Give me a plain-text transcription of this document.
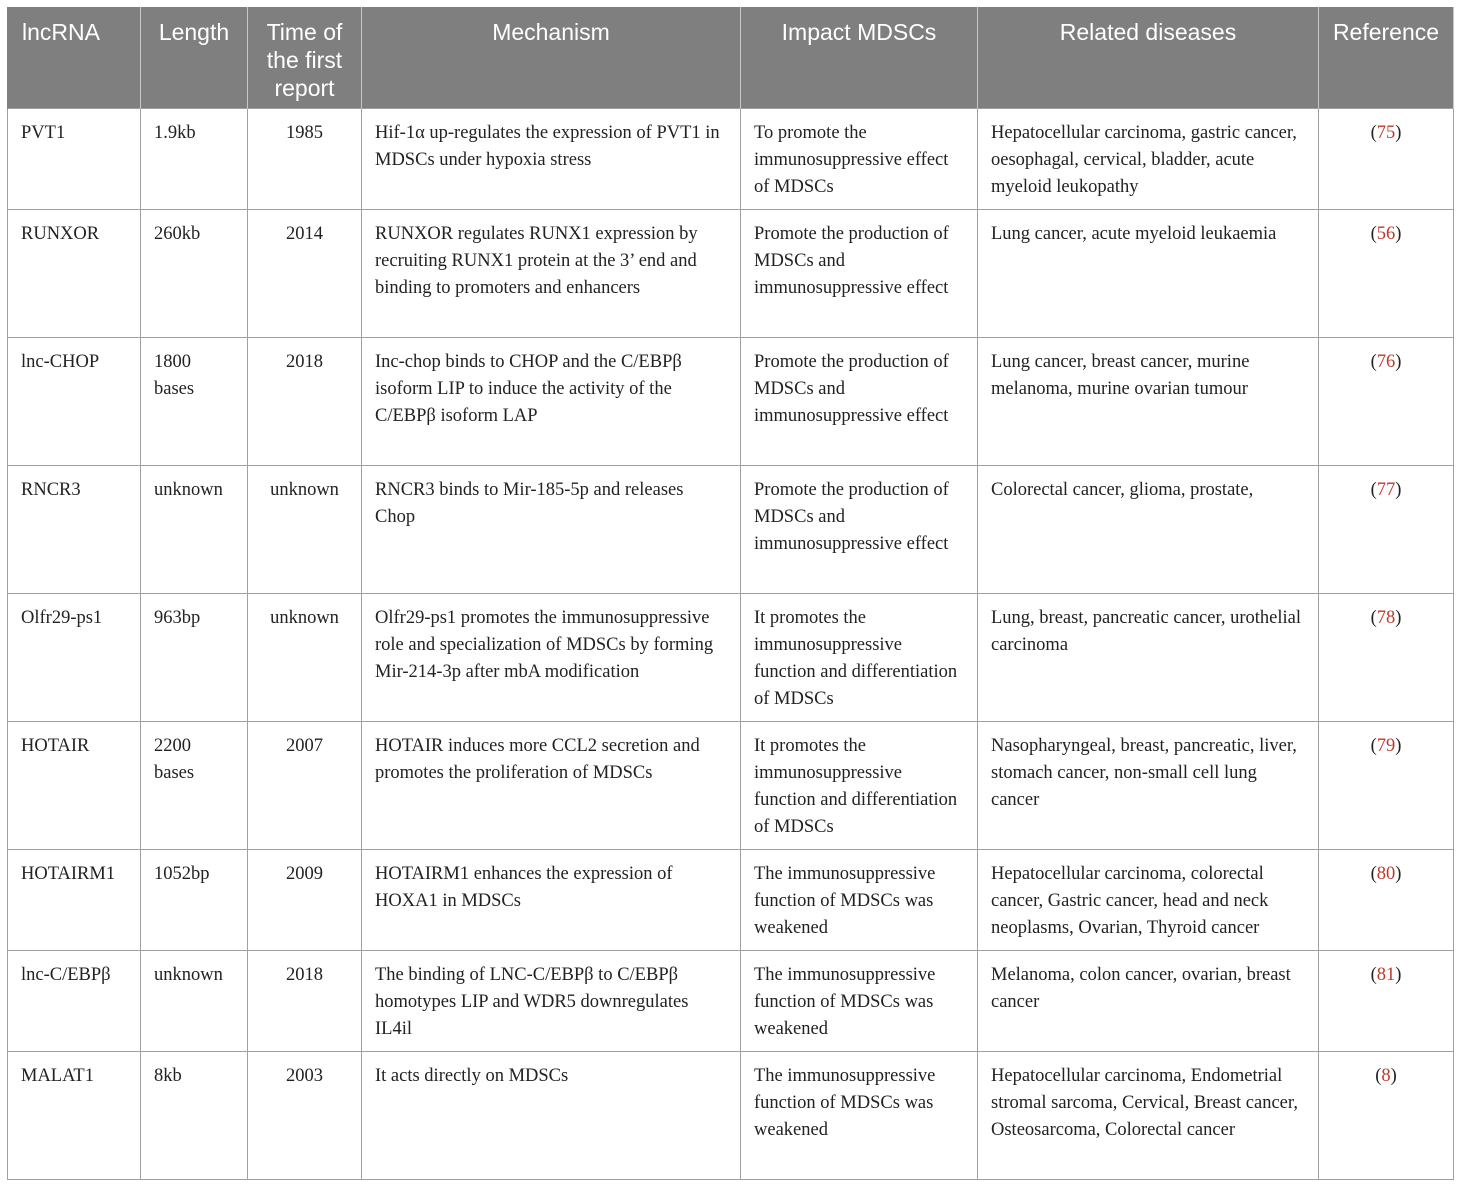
lncRNA	Length	Time of the first report	Mechanism	Impact MDSCs	Related diseases	Reference
PVT1	1.9kb	1985	Hif-1α up-regulates the expression of PVT1 in MDSCs under hypoxia stress	To promote the immunosuppressive effect of MDSCs	Hepatocellular carcinoma, gastric cancer, oesophagal, cervical, bladder, acute myeloid leukopathy	(75)
RUNXOR	260kb	2014	RUNXOR regulates RUNX1 expression by recruiting RUNX1 protein at the 3’ end and binding to promoters and enhancers	Promote the production of MDSCs and immunosuppressive effect	Lung cancer, acute myeloid leukaemia	(56)
lnc-CHOP	1800 bases	2018	Inc-chop binds to CHOP and the C/EBPβ isoform LIP to induce the activity of the C/EBPβ isoform LAP	Promote the production of MDSCs and immunosuppressive effect	Lung cancer, breast cancer, murine melanoma, murine ovarian tumour	(76)
RNCR3	unknown	unknown	RNCR3 binds to Mir-185-5p and releases Chop	Promote the production of MDSCs and immunosuppressive effect	Colorectal cancer, glioma, prostate,	(77)
Olfr29-ps1	963bp	unknown	Olfr29-ps1 promotes the immunosuppressive role and specialization of MDSCs by forming Mir-214-3p after mbA modification	It promotes the immunosuppressive function and differentiation of MDSCs	Lung, breast, pancreatic cancer, urothelial carcinoma	(78)
HOTAIR	2200 bases	2007	HOTAIR induces more CCL2 secretion and promotes the proliferation of MDSCs	It promotes the immunosuppressive function and differentiation of MDSCs	Nasopharyngeal, breast, pancreatic, liver, stomach cancer, non-small cell lung cancer	(79)
HOTAIRM1	1052bp	2009	HOTAIRM1 enhances the expression of HOXA1 in MDSCs	The immunosuppressive function of MDSCs was weakened	Hepatocellular carcinoma, colorectal cancer, Gastric cancer, head and neck neoplasms, Ovarian, Thyroid cancer	(80)
lnc-C/EBPβ	unknown	2018	The binding of LNC-C/EBPβ to C/EBPβ homotypes LIP and WDR5 downregulates IL4il	The immunosuppressive function of MDSCs was weakened	Melanoma, colon cancer, ovarian, breast cancer	(81)
MALAT1	8kb	2003	It acts directly on MDSCs	The immunosuppressive function of MDSCs was weakened	Hepatocellular carcinoma, Endometrial stromal sarcoma, Cervical, Breast cancer, Osteosarcoma, Colorectal cancer	(8)
